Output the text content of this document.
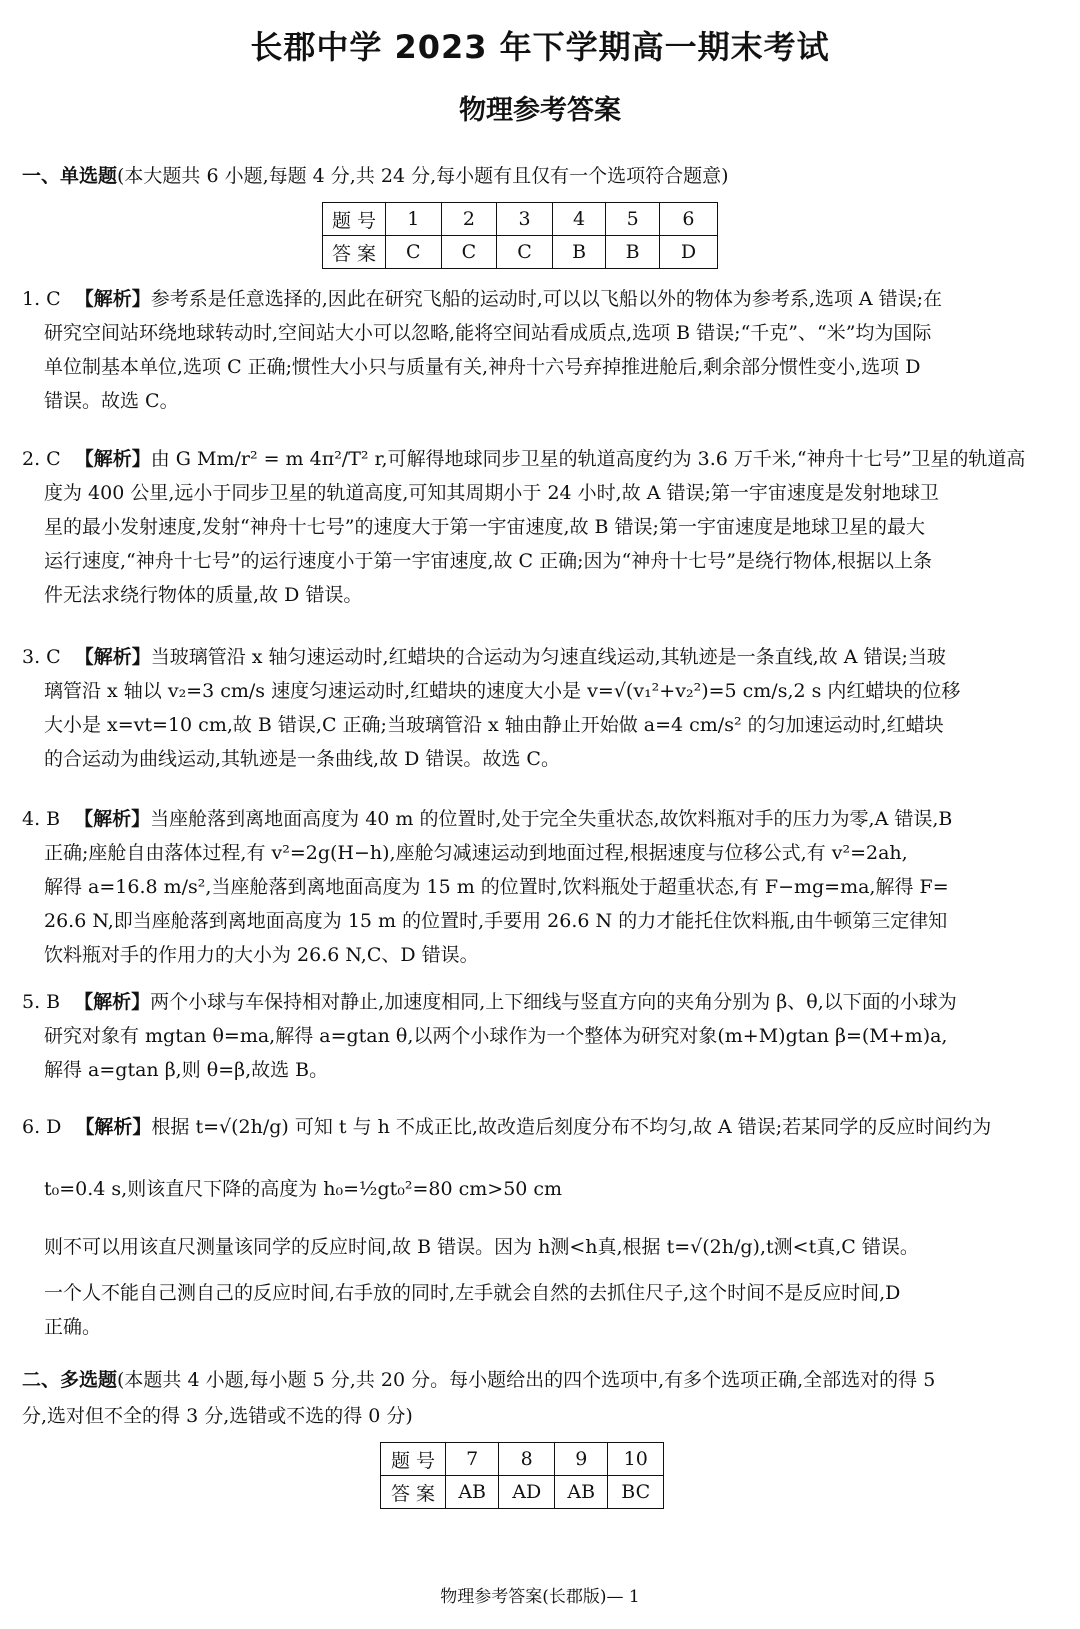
长郡中学 2023 年下学期高一期末考试
物理参考答案
一、单选题(本大题共 6 小题,每题 4 分,共 24 分,每小题有且仅有一个选项符合题意)
题号	1	2	3	4	5	6
答案	C	C	C	B	B	D
1. C 【解析】参考系是任意选择的,因此在研究飞船的运动时,可以以飞船以外的物体为参考系,选项 A 错误;在
研究空间站环绕地球转动时,空间站大小可以忽略,能将空间站看成质点,选项 B 错误;“千克”、“米”均为国际
单位制基本单位,选项 C 正确;惯性大小只与质量有关,神舟十六号弃掉推进舱后,剩余部分惯性变小,选项 D
错误。故选 C。
2. C 【解析】由 G Mm/r² = m 4π²/T² r,可解得地球同步卫星的轨道高度约为 3.6 万千米,“神舟十七号”卫星的轨道高
度为 400 公里,远小于同步卫星的轨道高度,可知其周期小于 24 小时,故 A 错误;第一宇宙速度是发射地球卫
星的最小发射速度,发射“神舟十七号”的速度大于第一宇宙速度,故 B 错误;第一宇宙速度是地球卫星的最大
运行速度,“神舟十七号”的运行速度小于第一宇宙速度,故 C 正确;因为“神舟十七号”是绕行物体,根据以上条
件无法求绕行物体的质量,故 D 错误。
3. C 【解析】当玻璃管沿 x 轴匀速运动时,红蜡块的合运动为匀速直线运动,其轨迹是一条直线,故 A 错误;当玻
璃管沿 x 轴以 v₂=3 cm/s 速度匀速运动时,红蜡块的速度大小是 v=√(v₁²+v₂²)=5 cm/s,2 s 内红蜡块的位移
大小是 x=vt=10 cm,故 B 错误,C 正确;当玻璃管沿 x 轴由静止开始做 a=4 cm/s² 的匀加速运动时,红蜡块
的合运动为曲线运动,其轨迹是一条曲线,故 D 错误。故选 C。
4. B 【解析】当座舱落到离地面高度为 40 m 的位置时,处于完全失重状态,故饮料瓶对手的压力为零,A 错误,B
正确;座舱自由落体过程,有 v²=2g(H−h),座舱匀减速运动到地面过程,根据速度与位移公式,有 v²=2ah,
解得 a=16.8 m/s²,当座舱落到离地面高度为 15 m 的位置时,饮料瓶处于超重状态,有 F−mg=ma,解得 F=
26.6 N,即当座舱落到离地面高度为 15 m 的位置时,手要用 26.6 N 的力才能托住饮料瓶,由牛顿第三定律知
饮料瓶对手的作用力的大小为 26.6 N,C、D 错误。
5. B 【解析】两个小球与车保持相对静止,加速度相同,上下细线与竖直方向的夹角分别为 β、θ,以下面的小球为
研究对象有 mgtan θ=ma,解得 a=gtan θ,以两个小球作为一个整体为研究对象(m+M)gtan β=(M+m)a,
解得 a=gtan β,则 θ=β,故选 B。
6. D 【解析】根据 t=√(2h/g) 可知 t 与 h 不成正比,故改造后刻度分布不均匀,故 A 错误;若某同学的反应时间约为
t₀=0.4 s,则该直尺下降的高度为 h₀=½gt₀²=80 cm>50 cm
则不可以用该直尺测量该同学的反应时间,故 B 错误。因为 h测<h真,根据 t=√(2h/g),t测<t真,C 错误。
一个人不能自己测自己的反应时间,右手放的同时,左手就会自然的去抓住尺子,这个时间不是反应时间,D
正确。
二、多选题(本题共 4 小题,每小题 5 分,共 20 分。每小题给出的四个选项中,有多个选项正确,全部选对的得 5
分,选对但不全的得 3 分,选错或不选的得 0 分)
题号	7	8	9	10
答案	AB	AD	AB	BC
物理参考答案(长郡版)— 1
